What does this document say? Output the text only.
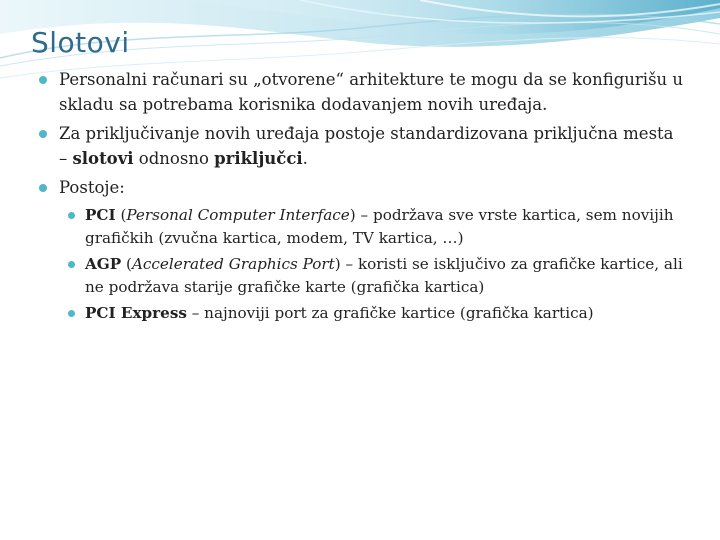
Slotovi
Personalni računari su „otvorene“ arhitekture te mogu da se konfigurišu u skladu sa potrebama korisnika dodavanjem novih uređaja.
Za priključivanje novih uređaja postoje standardizovana priključna mesta – slotovi odnosno priključci.
Postoje:
PCI (Personal Computer Interface) – podržava sve vrste kartica, sem novijih grafičkih (zvučna kartica, modem, TV kartica, …)
AGP (Accelerated Graphics Port) – koristi se isključivo za grafičke kartice, ali ne podržava starije grafičke karte (grafička kartica)
PCI Express – najnoviji port za grafičke kartice (grafička kartica)
